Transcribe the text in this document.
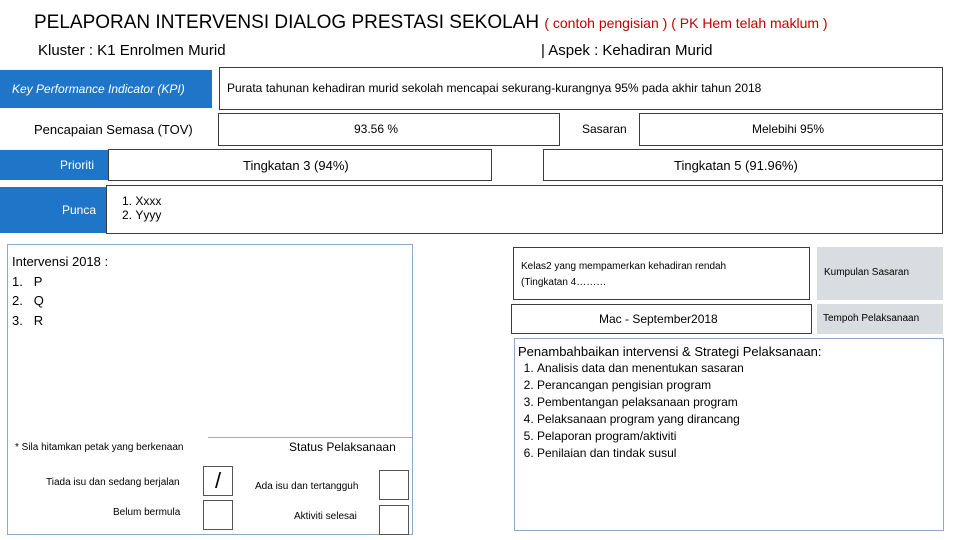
PELAPORAN INTERVENSI DIALOG PRESTASI SEKOLAH ( contoh pengisian ) ( PK Hem telah maklum )
Kluster : K1 Enrolmen Murid	| Aspek : Kehadiran Murid
Key Performance Indicator (KPI)	Purata tahunan kehadiran murid sekolah mencapai sekurang-kurangnya 95% pada akhir tahun 2018
Pencapaian Semasa (TOV)	93.56 %	Sasaran	Melebihi 95%
Prioriti	Tingkatan 3 (94%)	Tingkatan 5 (91.96%)
Punca
1. Xxxx
2. Yyyy
Intervensi 2018 :
1.   P
2.   Q
3.   R
* Sila hitamkan petak yang berkenaan	Status Pelaksanaan
Tiada isu dan sedang berjalan	/	Ada isu dan tertangguh
Belum bermula	Aktiviti selesai
Kelas2 yang mempamerkan kehadiran rendah
(Tingkatan 4………
Kumpulan Sasaran
Mac - September2018	Tempoh Pelaksanaan
Penambahbaikan intervensi & Strategi Pelaksanaan:
1. Analisis data dan menentukan sasaran
2. Perancangan pengisian program
3. Pembentangan pelaksanaan program
4. Pelaksanaan program yang dirancang
5. Pelaporan program/aktiviti
6. Penilaian dan tindak susul
